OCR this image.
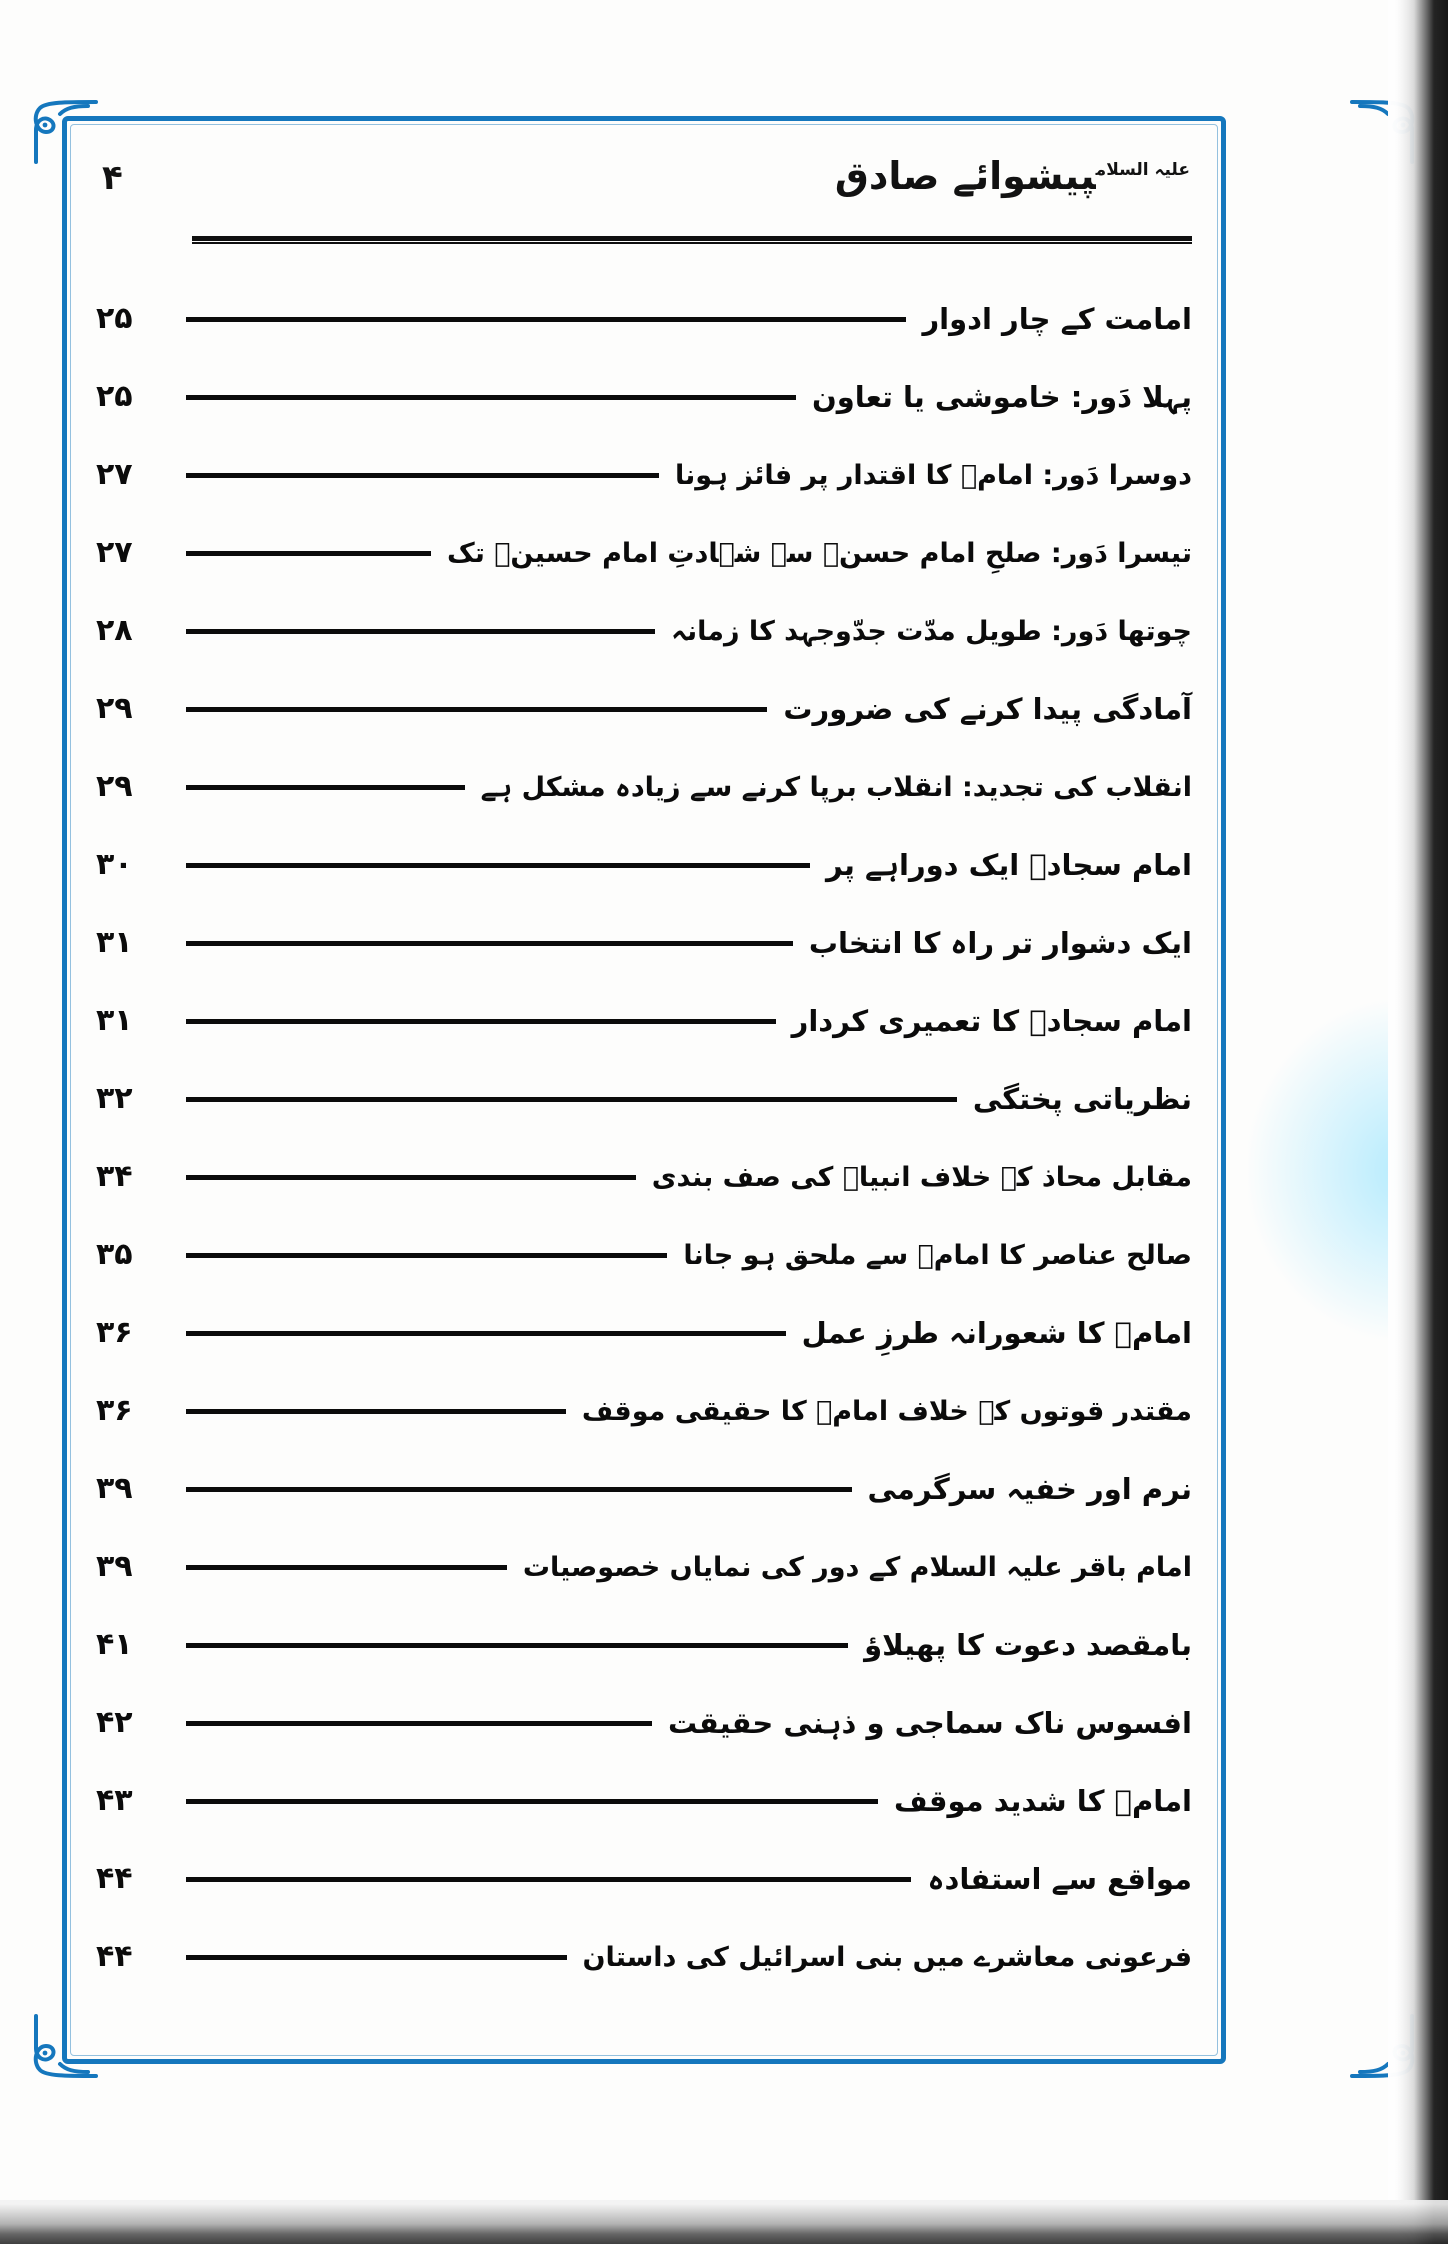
$^{علیہ السلام}$پیشوائے صادق
۴
امامت کے چار ادوار
۲۵
پہلا دَور: خاموشی یا تعاون
۲۵
دوسرا دَور: امامؑ کا اقتدار پر فائز ہونا
۲۷
تیسرا دَور: صلحِ امام حسنؑ سے شہادتِ امام حسینؑ تک
۲۷
چوتھا دَور: طویل مدّت جدّوجہد کا زمانہ
۲۸
آمادگی پیدا کرنے کی ضرورت
۲۹
انقلاب کی تجدید: انقلاب برپا کرنے سے زیادہ مشکل ہے
۲۹
امام سجادؑ ایک دوراہے پر
۳۰
ایک دشوار تر راہ کا انتخاب
۳۱
امام سجادؑ کا تعمیری کردار
۳۱
نظریاتی پختگی
۳۲
مقابل محاذ کے خلاف انبیاؑ کی صف بندی
۳۴
صالح عناصر کا امامؑ سے ملحق ہو جانا
۳۵
امامؑ کا شعورانہ طرزِ عمل
۳۶
مقتدر قوتوں کے خلاف امامؑ کا حقیقی موقف
۳۶
نرم اور خفیہ سرگرمی
۳۹
امام باقر علیہ السلام کے دور کی نمایاں خصوصیات
۳۹
بامقصد دعوت کا پھیلاؤ
۴۱
افسوس ناک سماجی و ذہنی حقیقت
۴۲
امامؑ کا شدید موقف
۴۳
مواقع سے استفادہ
۴۴
فرعونی معاشرے میں بنی اسرائیل کی داستان
۴۴
